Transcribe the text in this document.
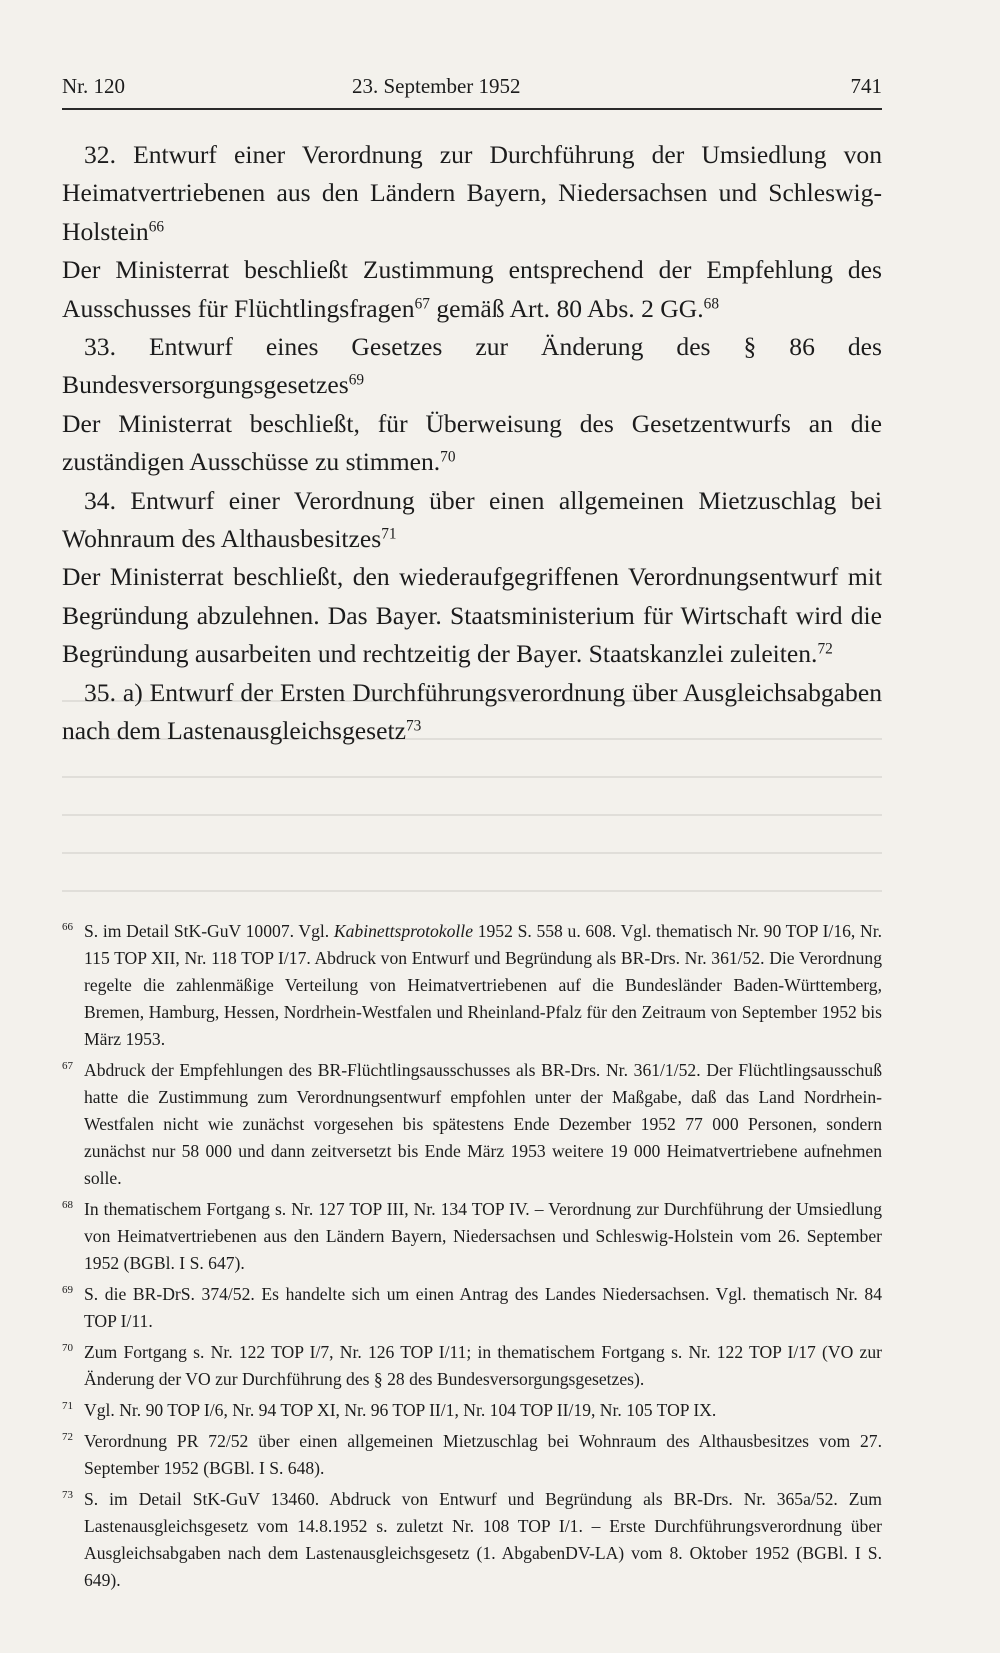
Nr. 120	23. September 1952	741

32. Entwurf einer Verordnung zur Durchführung der Umsiedlung von Heimatvertriebenen aus den Ländern Bayern, Niedersachsen und Schleswig-Holstein$^{66}$

Der Ministerrat beschließt Zustimmung entsprechend der Empfehlung des Ausschusses für Flüchtlingsfragen$^{67}$ gemäß Art. 80 Abs. 2 GG.$^{68}$

33. Entwurf eines Gesetzes zur Änderung des § 86 des Bundesversorgungsgesetzes$^{69}$

Der Ministerrat beschließt, für Überweisung des Gesetzentwurfs an die zuständigen Ausschüsse zu stimmen.$^{70}$

34. Entwurf einer Verordnung über einen allgemeinen Mietzuschlag bei Wohnraum des Althausbesitzes$^{71}$

Der Ministerrat beschließt, den wiederaufgegriffenen Verordnungsentwurf mit Begründung abzulehnen. Das Bayer. Staatsministerium für Wirtschaft wird die Begründung ausarbeiten und rechtzeitig der Bayer. Staatskanzlei zuleiten.$^{72}$

35. a) Entwurf der Ersten Durchführungsverordnung über Ausgleichsabgaben nach dem Lastenausgleichsgesetz$^{73}$

66 S. im Detail StK-GuV 10007. Vgl. Kabinettsprotokolle 1952 S. 558 u. 608. Vgl. thematisch Nr. 90 TOP I/16, Nr. 115 TOP XII, Nr. 118 TOP I/17. Abdruck von Entwurf und Begründung als BR-Drs. Nr. 361/52. Die Verordnung regelte die zahlenmäßige Verteilung von Heimatvertriebenen auf die Bundesländer Baden-Württemberg, Bremen, Hamburg, Hessen, Nordrhein-Westfalen und Rheinland-Pfalz für den Zeitraum von September 1952 bis März 1953.
67 Abdruck der Empfehlungen des BR-Flüchtlingsausschusses als BR-Drs. Nr. 361/1/52. Der Flüchtlingsausschuß hatte die Zustimmung zum Verordnungsentwurf empfohlen unter der Maßgabe, daß das Land Nordrhein-Westfalen nicht wie zunächst vorgesehen bis spätestens Ende Dezember 1952 77 000 Personen, sondern zunächst nur 58 000 und dann zeitversetzt bis Ende März 1953 weitere 19 000 Heimatvertriebene aufnehmen solle.
68 In thematischem Fortgang s. Nr. 127 TOP III, Nr. 134 TOP IV. – Verordnung zur Durchführung der Umsiedlung von Heimatvertriebenen aus den Ländern Bayern, Niedersachsen und Schleswig-Holstein vom 26. September 1952 (BGBl. I S. 647).
69 S. die BR-DrS. 374/52. Es handelte sich um einen Antrag des Landes Niedersachsen. Vgl. thematisch Nr. 84 TOP I/11.
70 Zum Fortgang s. Nr. 122 TOP I/7, Nr. 126 TOP I/11; in thematischem Fortgang s. Nr. 122 TOP I/17 (VO zur Änderung der VO zur Durchführung des § 28 des Bundesversorgungsgesetzes).
71 Vgl. Nr. 90 TOP I/6, Nr. 94 TOP XI, Nr. 96 TOP II/1, Nr. 104 TOP II/19, Nr. 105 TOP IX.
72 Verordnung PR 72/52 über einen allgemeinen Mietzuschlag bei Wohnraum des Althausbesitzes vom 27. September 1952 (BGBl. I S. 648).
73 S. im Detail StK-GuV 13460. Abdruck von Entwurf und Begründung als BR-Drs. Nr. 365a/52. Zum Lastenausgleichsgesetz vom 14.8.1952 s. zuletzt Nr. 108 TOP I/1. – Erste Durchführungsverordnung über Ausgleichsabgaben nach dem Lastenausgleichsgesetz (1. AbgabenDV-LA) vom 8. Oktober 1952 (BGBl. I S. 649).
